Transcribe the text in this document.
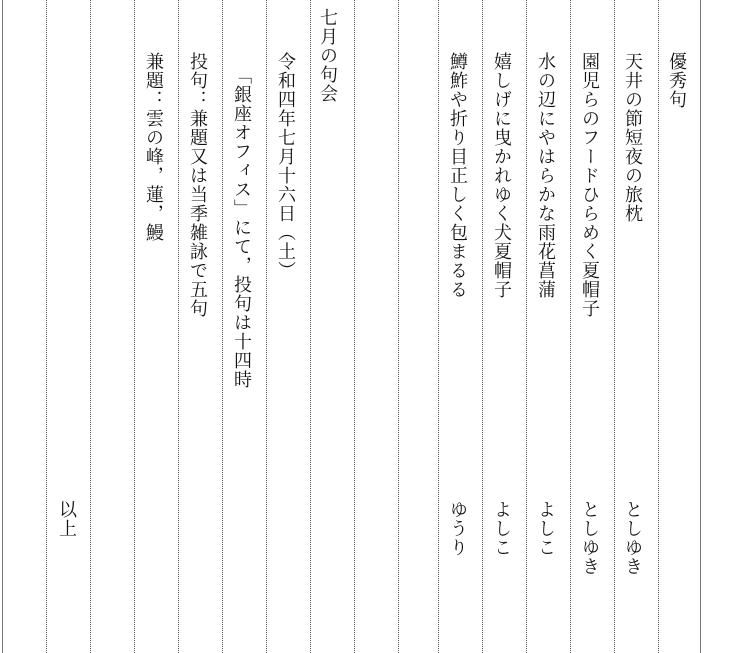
優秀句
天井の節短夜の旅枕
としゆき
園児らのフードひらめく夏帽子
としゆき
水の辺にやはらかな雨花菖蒲
よしこ
嬉しげに曳かれゆく犬夏帽子
よしこ
鱒鮓や折り目正しく包まるる
ゆうり
七月の句会
令和四年七月十六日（土）
「銀座オフィス」にて，投句は十四時
投句：兼題又は当季雑詠で五句
兼題：雲の峰，蓮，鰻
以上
